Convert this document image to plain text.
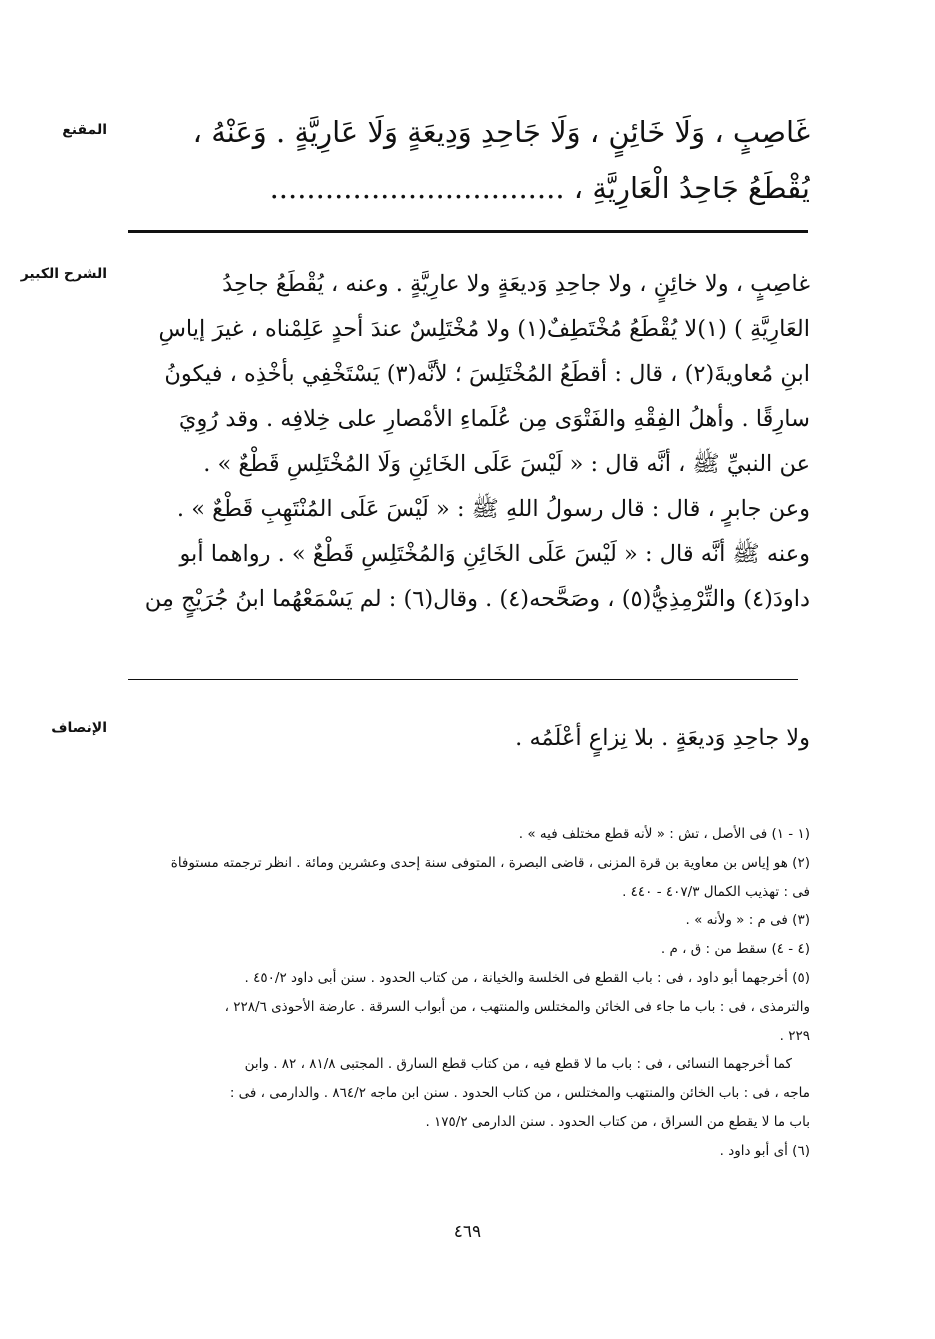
المقنع	غَاصِبٍ ، وَلَا خَائِنٍ ، وَلَا جَاحِدِ وَدِيعَةٍ وَلَا عَارِيَّةٍ . وَعَنْهُ ،
يُقْطَعُ جَاحِدُ الْعَارِيَّةِ ، ................................
الشرح الكبير	غاصِبٍ ، ولا خائِنٍ ، ولا جاحِدِ وَديعَةٍ ولا عارِيَّةٍ . وعنه ، يُقْطَعُ جاحِدُ
العَارِيَّةِ ) (١)لا يُقْطَعُ مُخْتَطِفٌ(١) ولا مُخْتَلِسٌ عندَ أحدٍ عَلِمْناه ، غيرَ إياسِ
ابنِ مُعاويةَ(٢) ، قال : أقطَعُ المُخْتَلِسَ ؛ لأنَّه(٣) يَسْتَخْفِي بأخْذِه ، فيكونُ
سارِقًا . وأهلُ الفِقْهِ والفَتْوَى مِن عُلَماءِ الأمْصارِ على خِلافِه . وقد رُوِيَ
عن النبيِّ ﷺ ، أنَّه قال : « لَيْسَ عَلَى الخَائِنِ وَلَا المُخْتَلِسِ قَطْعٌ » .
وعن جابرٍ ، قال : قال رسولُ اللهِ ﷺ : « لَيْسَ عَلَى المُنْتَهِبِ قَطْعٌ » .
وعنه ﷺ أنَّه قال : « لَيْسَ عَلَى الخَائِنِ وَالمُخْتَلِسِ قَطْعٌ » . رواهما أبو
داودَ(٤) والتِّرْمِذِيُّ(٥) ، وصَحَّحه(٤) . وقال(٦) : لم يَسْمَعْهُما ابنُ جُرَيْجٍ مِن
الإنصاف	ولا جاحِدِ وَديعَةٍ . بلا نِزاعٍ أعْلَمُه .
(١ - ١) فى الأصل ، تش : « لأنه قطع مختلف فيه » .
(٢) هو إياس بن معاوية بن قرة المزنى ، قاضى البصرة ، المتوفى سنة إحدى وعشرين ومائة . انظر ترجمته مستوفاة
فى : تهذيب الكمال ٤٠٧/٣ - ٤٤٠ .
(٣) فى م : « ولأنه » .
(٤ - ٤) سقط من : ق ، م .
(٥) أخرجهما أبو داود ، فى : باب القطع فى الخلسة والخيانة ، من كتاب الحدود . سنن أبى داود ٤٥٠/٢ .
والترمذى ، فى : باب ما جاء فى الخائن والمختلس والمنتهب ، من أبواب السرقة . عارضة الأحوذى ٢٢٨/٦ ،
٢٢٩ .
كما أخرجهما النسائى ، فى : باب ما لا قطع فيه ، من كتاب قطع السارق . المجتبى ٨١/٨ ، ٨٢ . وابن
ماجه ، فى : باب الخائن والمنتهب والمختلس ، من كتاب الحدود . سنن ابن ماجه ٨٦٤/٢ . والدارمى ، فى :
باب ما لا يقطع من السراق ، من كتاب الحدود . سنن الدارمى ١٧٥/٢ .
(٦) أى أبو داود .
٤٦٩
